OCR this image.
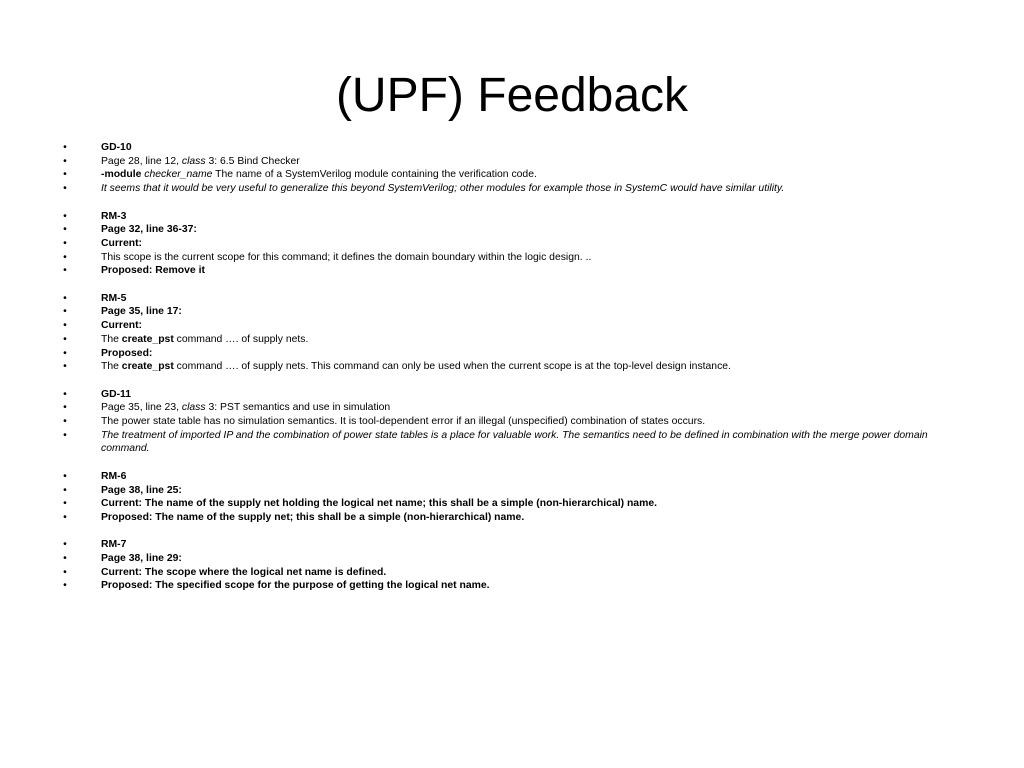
(UPF) Feedback
•	GD-10
•	Page 28, line 12, class 3: 6.5 Bind Checker
•	-module checker_name The name of a SystemVerilog module containing the verification code.
•	It seems that it would be very useful to generalize this beyond SystemVerilog; other modules for example those in SystemC would have similar utility.
•	RM-3
•	Page 32, line 36-37:
•	Current:
•	This scope is the current scope for this command; it defines the domain boundary within the logic design. ..
•	Proposed: Remove it
•	RM-5
•	Page 35, line 17:
•	Current:
•	The create_pst command …. of supply nets.
•	Proposed:
•	The create_pst command …. of supply nets. This command can only be used when the current scope is at the top-level design instance.
•	GD-11
•	Page 35, line 23, class 3: PST semantics and use in simulation
•	The power state table has no simulation semantics. It is tool-dependent error if an illegal (unspecified) combination of states occurs.
•	The treatment of imported IP and the combination of power state tables is a place for valuable work. The semantics need to be defined in combination with the merge power domain command.
•	RM-6
•	Page 38, line 25:
•	Current: The name of the supply net holding the logical net name; this shall be a simple (non-hierarchical) name.
•	Proposed: The name of the supply net; this shall be a simple (non-hierarchical) name.
•	RM-7
•	Page 38, line 29:
•	Current: The scope where the logical net name is defined.
•	Proposed: The specified scope for the purpose of getting the logical net name.
